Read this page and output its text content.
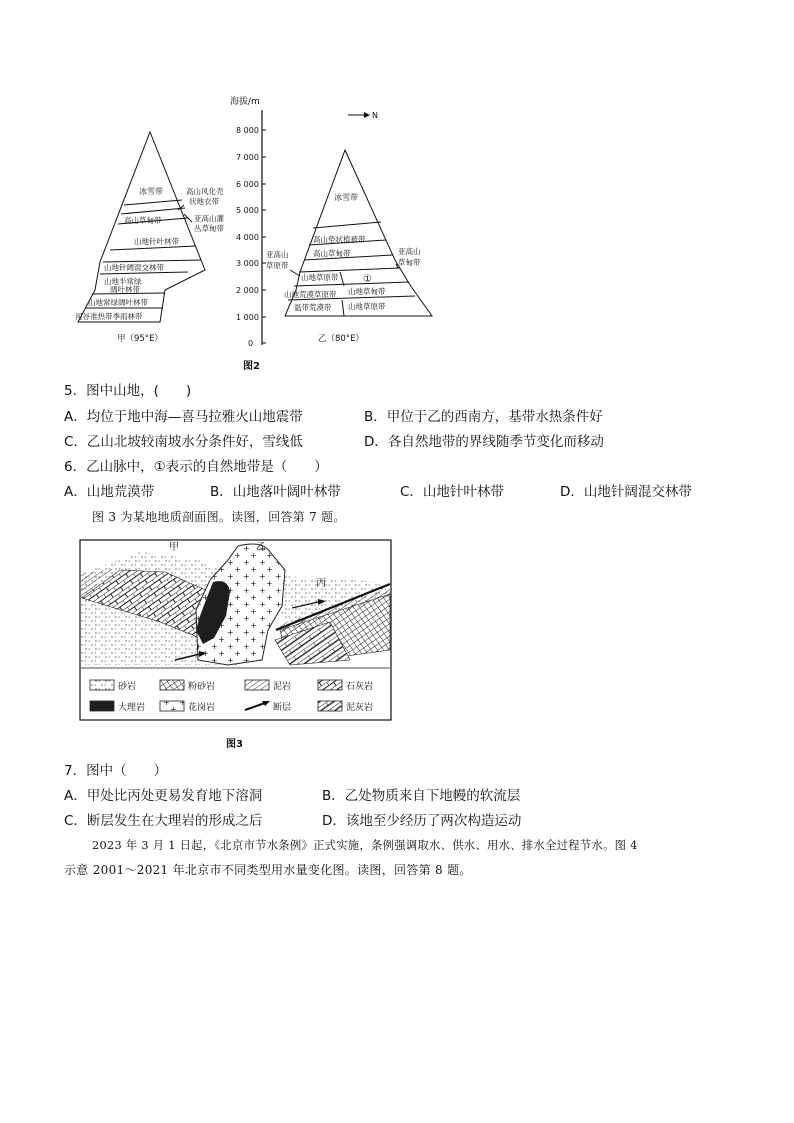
海拔/m
8 000
7 000
6 000
5 000
4 000
3 000
2 000
1 000
0
N
冰雪带	高山风化壳
状地衣带
高山草甸带	亚高山灌
丛草甸带
山地针叶林带
山地针阔混交林带
山地半常绿
阔叶林带
山地常绿阔叶林带
河谷准热带季雨林带
甲（95°E）
冰雪带
高山垫状植被带
高山草甸带
亚高山
草原带
亚高山
草甸带
山地草原带 ①
山地荒漠草原带 山地草甸带
温带荒漠带 山地草原带
乙（80°E）
图2
5．图中山地，(　　)
A．均位于地中海—喜马拉雅火山地震带	B．甲位于乙的西南方，基带水热条件好
C．乙山北坡较南坡水分条件好，雪线低	D．各自然地带的界线随季节变化而移动
6．乙山脉中，①表示的自然地带是（　　）
A．山地荒漠带	B．山地落叶阔叶林带	C．山地针叶林带	D．山地针阔混交林带
图 3 为某地地质剖面图。读图，回答第 7 题。
甲	乙
丙
砂岩	粉砂岩	泥岩	石灰岩
大理岩	花岗岩	断层	泥灰岩
图3
7．图中（　　）
A．甲处比丙处更易发育地下溶洞	B．乙处物质来自下地幔的软流层
C．断层发生在大理岩的形成之后	D．该地至少经历了两次构造运动
2023 年 3 月 1 日起，《北京市节水条例》正式实施，条例强调取水、供水、用水、排水全过程节水。图 4
示意 2001～2021 年北京市不同类型用水量变化图。读图，回答第 8 题。
